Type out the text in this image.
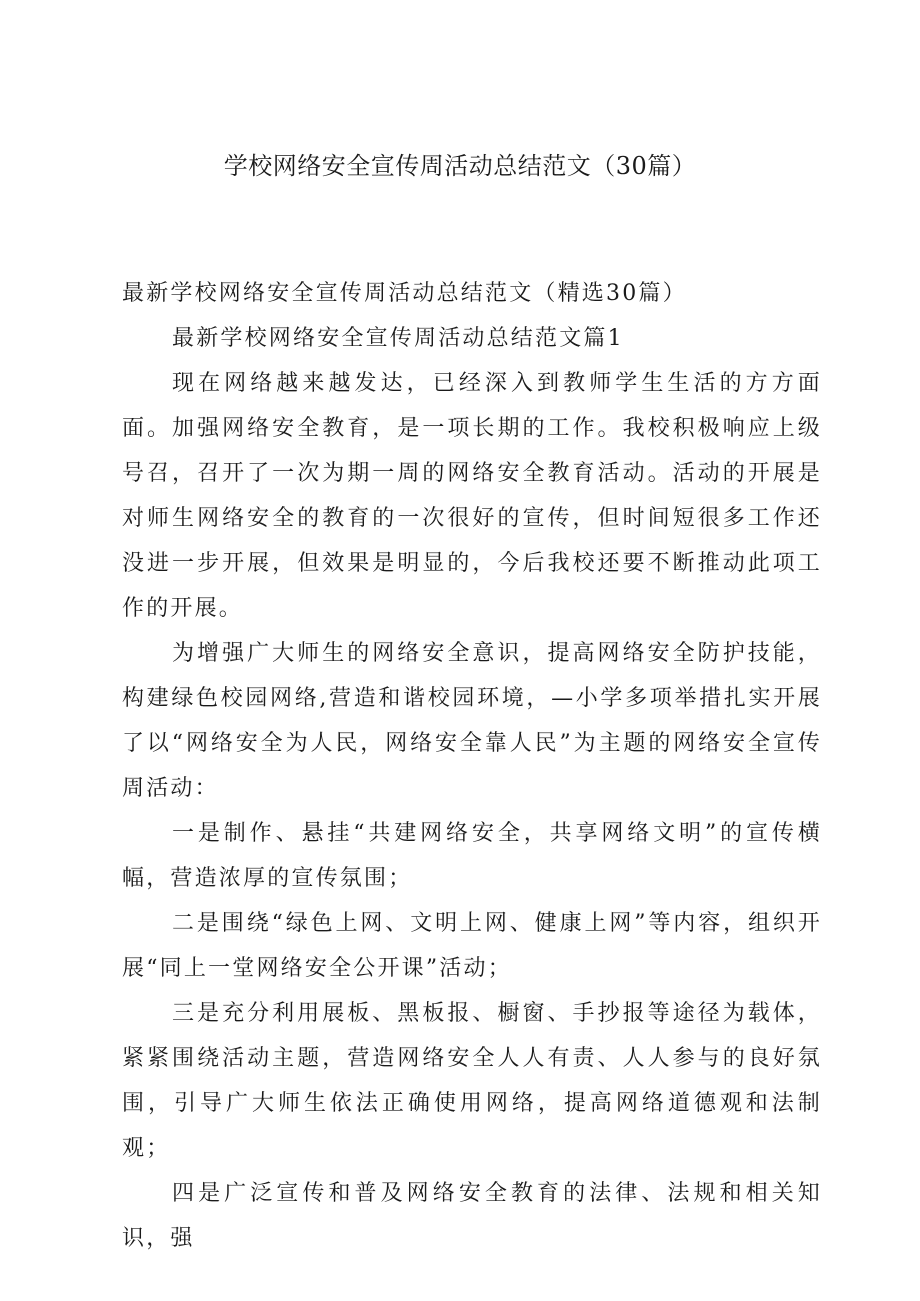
学校网络安全宣传周活动总结范文（30篇）

最新学校网络安全宣传周活动总结范文（精选30篇）

最新学校网络安全宣传周活动总结范文篇1

现在网络越来越发达，已经深入到教师学生生活的方方面面。加强网络安全教育，是一项长期的工作。我校积极响应上级号召，召开了一次为期一周的网络安全教育活动。活动的开展是对师生网络安全的教育的一次很好的宣传，但时间短很多工作还没进一步开展，但效果是明显的，今后我校还要不断推动此项工作的开展。

为增强广大师生的网络安全意识，提高网络安全防护技能，构建绿色校园网络,营造和谐校园环境，—小学多项举措扎实开展了以“网络安全为人民，网络安全靠人民”为主题的网络安全宣传周活动：

一是制作、悬挂“共建网络安全，共享网络文明”的宣传横幅，营造浓厚的宣传氛围；

二是围绕“绿色上网、文明上网、健康上网”等内容，组织开展“同上一堂网络安全公开课”活动；

三是充分利用展板、黑板报、橱窗、手抄报等途径为载体，紧紧围绕活动主题，营造网络安全人人有责、人人参与的良好氛围，引导广大师生依法正确使用网络，提高网络道德观和法制观；

四是广泛宣传和普及网络安全教育的法律、法规和相关知识，强
